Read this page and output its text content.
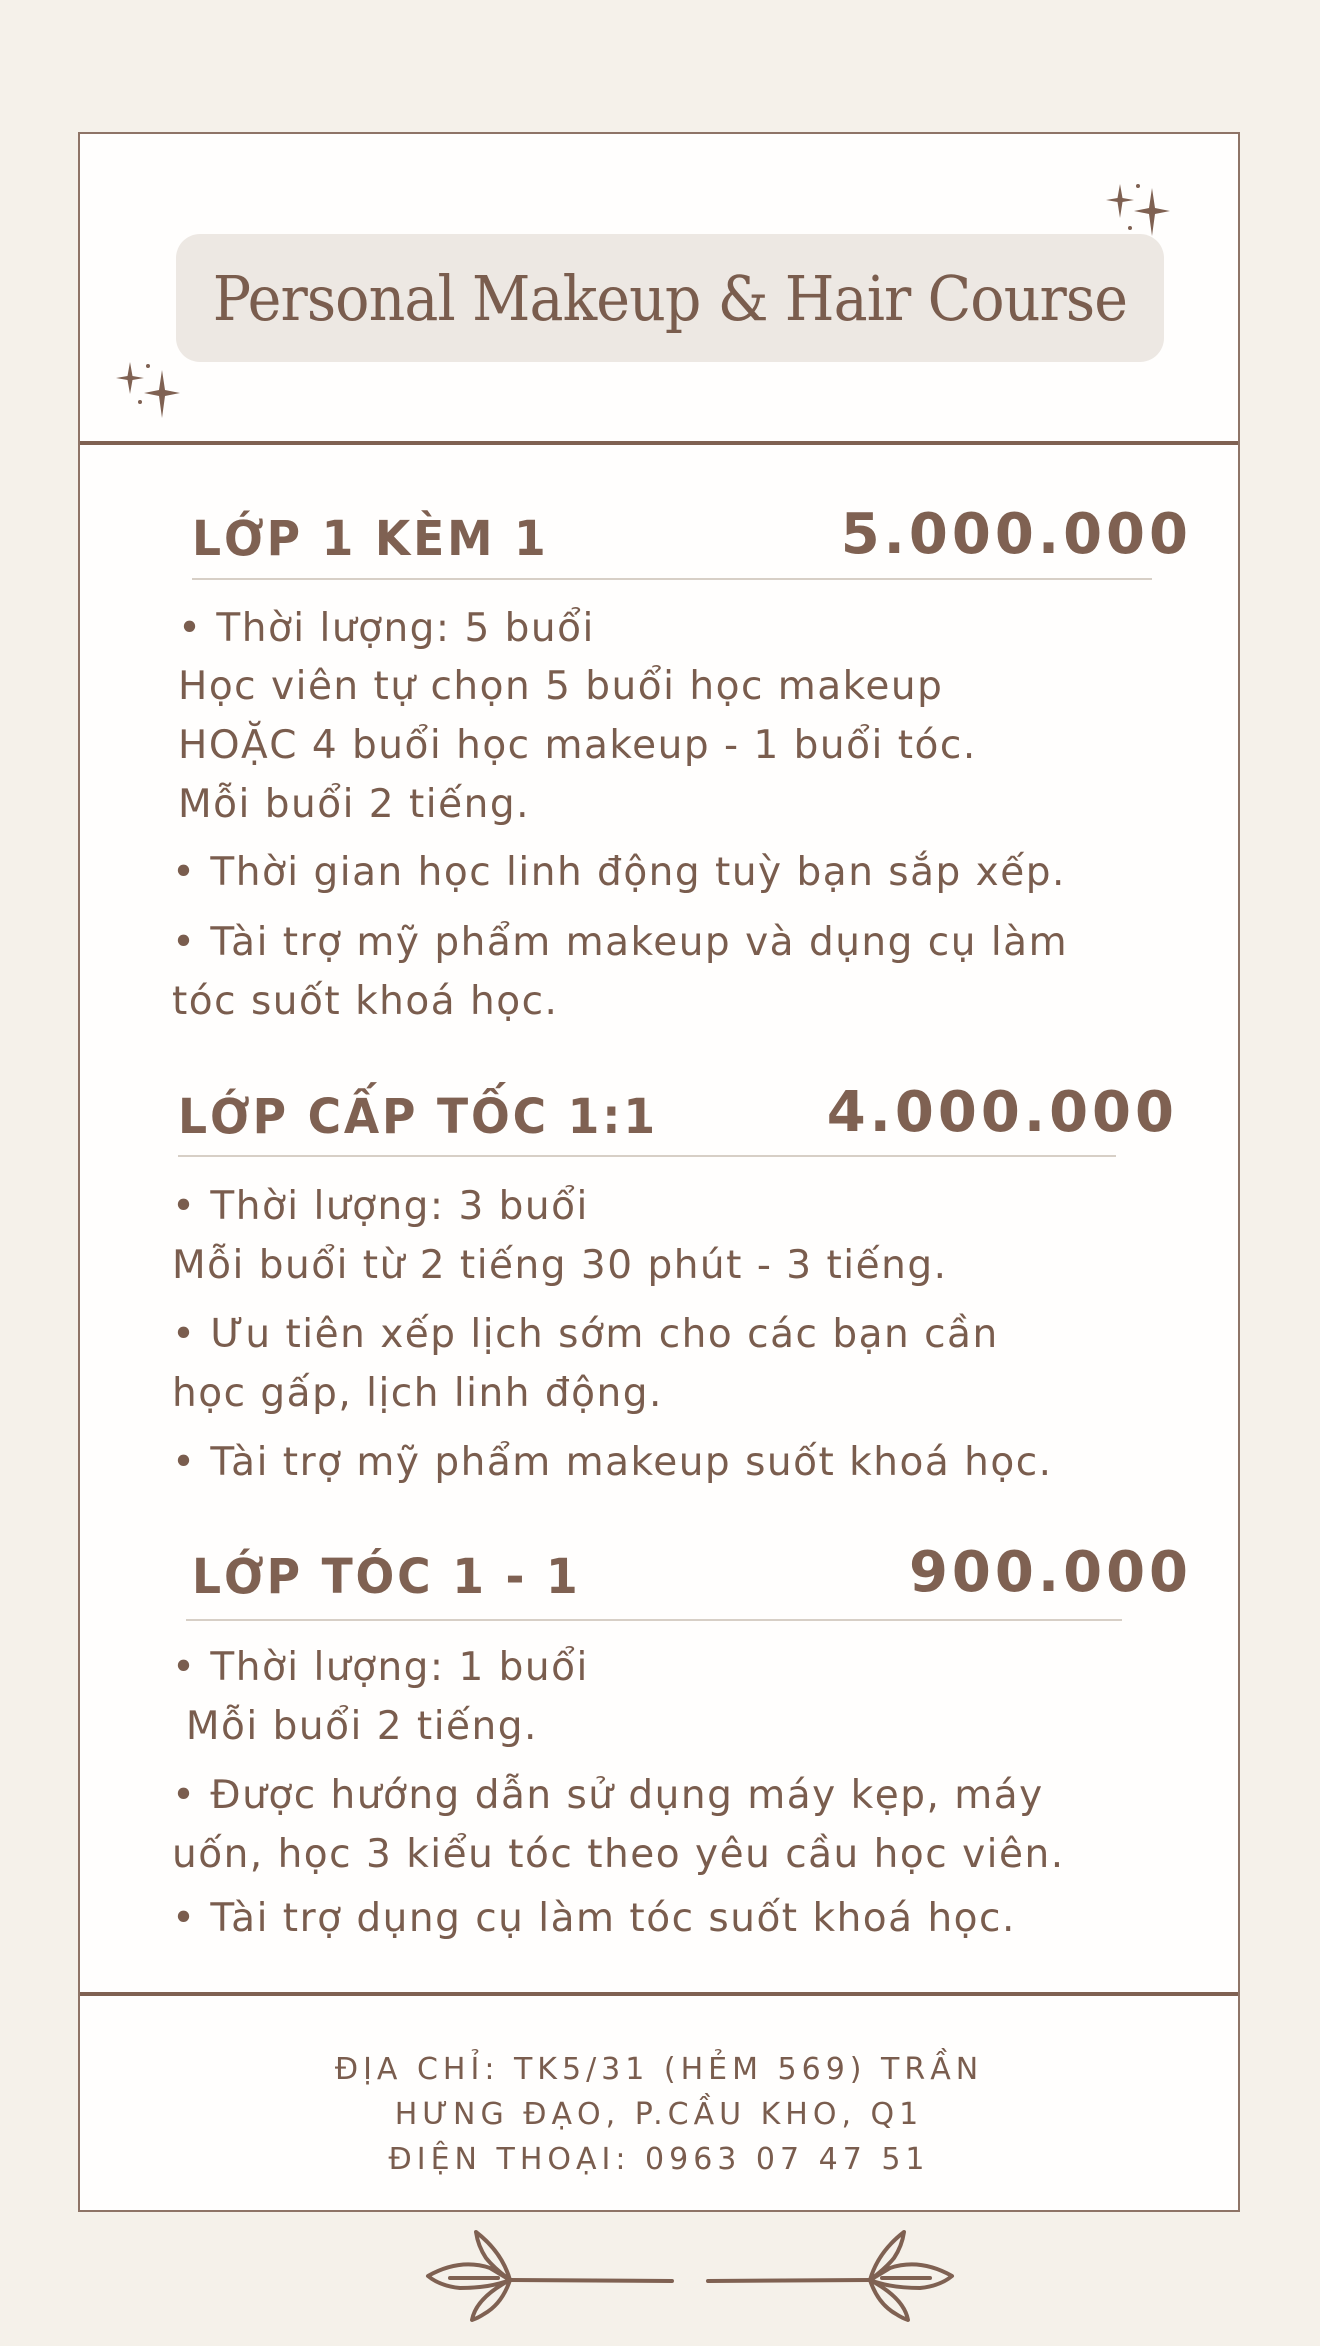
Personal Makeup & Hair Course
LỚP 1 KÈM 1	5.000.000
• Thời lượng: 5 buổi
Học viên tự chọn 5 buổi học makeup
HOẶC 4 buổi học makeup - 1 buổi tóc.
Mỗi buổi 2 tiếng.
• Thời gian học linh động tuỳ bạn sắp xếp.
• Tài trợ mỹ phẩm makeup và dụng cụ làm
tóc suốt khoá học.
LỚP CẤP TỐC 1:1	4.000.000
• Thời lượng: 3 buổi
Mỗi buổi từ 2 tiếng 30 phút - 3 tiếng.
• Ưu tiên xếp lịch sớm cho các bạn cần
học gấp, lịch linh động.
• Tài trợ mỹ phẩm makeup suốt khoá học.
LỚP TÓC 1 - 1	900.000
• Thời lượng: 1 buổi
Mỗi buổi 2 tiếng.
• Được hướng dẫn sử dụng máy kẹp, máy
uốn, học 3 kiểu tóc theo yêu cầu học viên.
• Tài trợ dụng cụ làm tóc suốt khoá học.
ĐỊA CHỈ: TK5/31 (HẺM 569) TRẦN
HƯNG ĐẠO, P.CẦU KHO, Q1
ĐIỆN THOẠI: 0963 07 47 51
